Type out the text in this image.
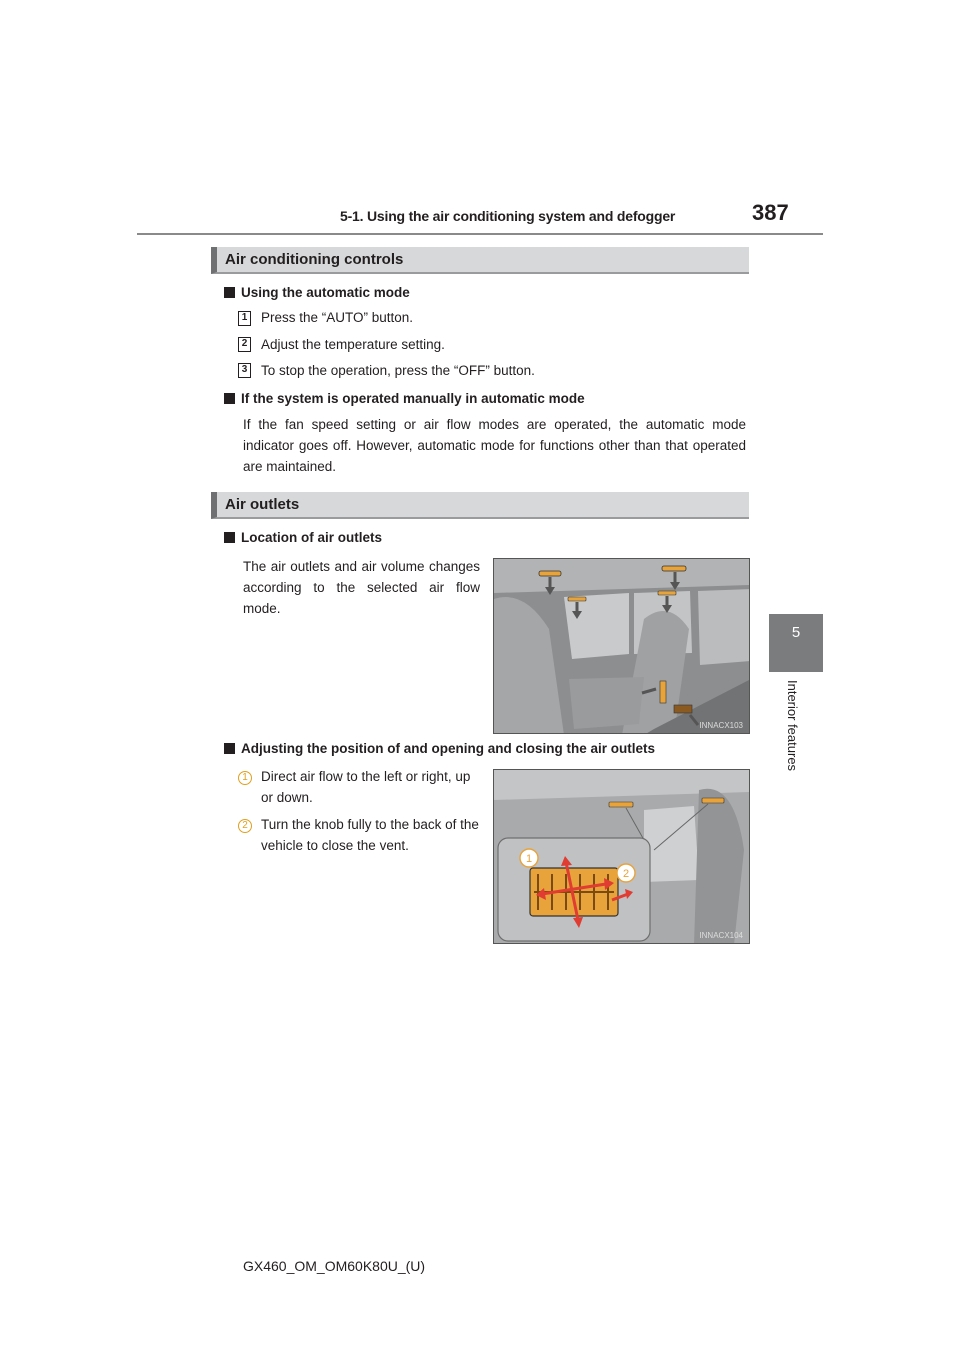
5-1. Using the air conditioning system and defogger	387
5
Interior features
Air conditioning controls
Using the automatic mode
1 Press the “AUTO” button.
2 Adjust the temperature setting.
3 To stop the operation, press the “OFF” button.
If the system is operated manually in automatic mode
If the fan speed setting or air flow modes are operated, the automatic mode indicator goes off. However, automatic mode for functions other than that operated are maintained.
Air outlets
Location of air outlets
The air outlets and air volume changes according to the selected air flow mode.
INNACX103
Adjusting the position of and opening and closing the air outlets
1 Direct air flow to the left or right, up or down.
2 Turn the knob fully to the back of the vehicle to close the vent.
1
2
INNACX104
GX460_OM_OM60K80U_(U)
